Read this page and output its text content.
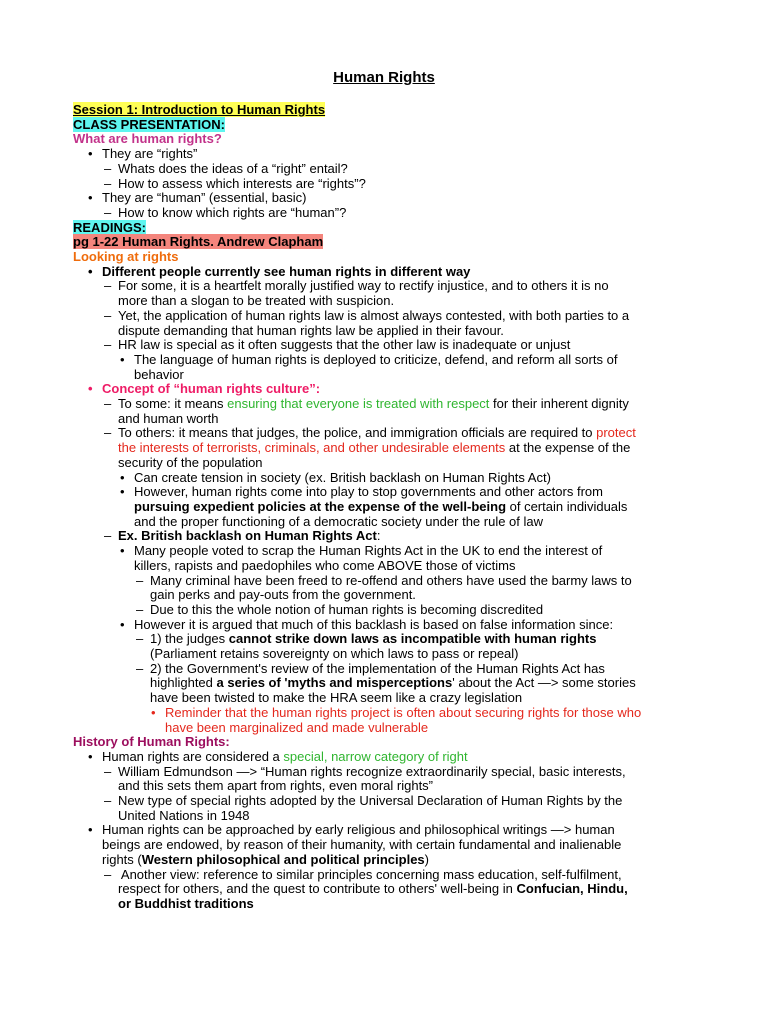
Human Rights
Session 1: Introduction to Human Rights
CLASS PRESENTATION:
What are human rights?
• They are “rights”
– Whats does the ideas of a “right” entail?
– How to assess which interests are “rights”?
• They are “human” (essential, basic)
– How to know which rights are “human”?
READINGS:
pg 1-22 Human Rights. Andrew Clapham
Looking at rights
• Different people currently see human rights in different way
– For some, it is a heartfelt morally justified way to rectify injustice, and to others it is no
more than a slogan to be treated with suspicion.
– Yet, the application of human rights law is almost always contested, with both parties to a
dispute demanding that human rights law be applied in their favour.
– HR law is special as it often suggests that the other law is inadequate or unjust
• The language of human rights is deployed to criticize, defend, and reform all sorts of
behavior
• Concept of “human rights culture”:
– To some: it means ensuring that everyone is treated with respect for their inherent dignity
and human worth
– To others: it means that judges, the police, and immigration officials are required to protect
the interests of terrorists, criminals, and other undesirable elements at the expense of the
security of the population
• Can create tension in society (ex. British backlash on Human Rights Act)
• However, human rights come into play to stop governments and other actors from
pursuing expedient policies at the expense of the well-being of certain individuals
and the proper functioning of a democratic society under the rule of law
– Ex. British backlash on Human Rights Act:
• Many people voted to scrap the Human Rights Act in the UK to end the interest of
killers, rapists and paedophiles who come ABOVE those of victims
– Many criminal have been freed to re-offend and others have used the barmy laws to
gain perks and pay-outs from the government.
– Due to this the whole notion of human rights is becoming discredited
• However it is argued that much of this backlash is based on false information since:
– 1) the judges cannot strike down laws as incompatible with human rights
(Parliament retains sovereignty on which laws to pass or repeal)
– 2) the Government's review of the implementation of the Human Rights Act has
highlighted a series of 'myths and misperceptions' about the Act —> some stories
have been twisted to make the HRA seem like a crazy legislation
• Reminder that the human rights project is often about securing rights for those who
have been marginalized and made vulnerable
History of Human Rights:
• Human rights are considered a special, narrow category of right
– William Edmundson —> “Human rights recognize extraordinarily special, basic interests,
and this sets them apart from rights, even moral rights”
– New type of special rights adopted by the Universal Declaration of Human Rights by the
United Nations in 1948
• Human rights can be approached by early religious and philosophical writings —> human
beings are endowed, by reason of their humanity, with certain fundamental and inalienable
rights (Western philosophical and political principles)
– Another view: reference to similar principles concerning mass education, self-fulfilment,
respect for others, and the quest to contribute to others' well-being in Confucian, Hindu,
or Buddhist traditions
